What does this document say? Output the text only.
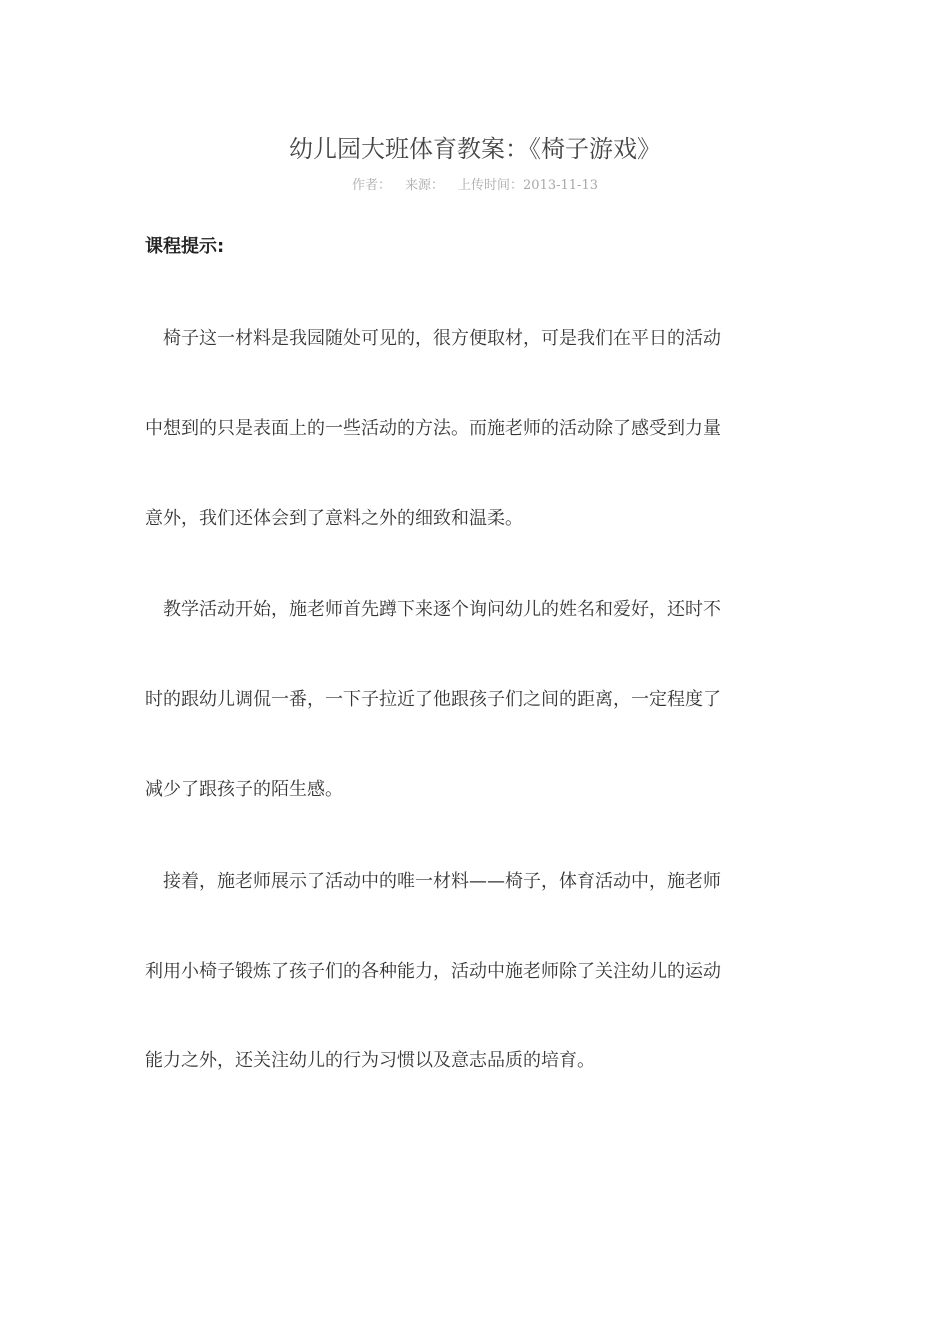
幼儿园大班体育教案：《椅子游戏》
作者： 来源： 上传时间：2013-11-13
课程提示:
　椅子这一材料是我园随处可见的，很方便取材，可是我们在平日的活动
中想到的只是表面上的一些活动的方法。而施老师的活动除了感受到力量
意外，我们还体会到了意料之外的细致和温柔。
　教学活动开始，施老师首先蹲下来逐个询问幼儿的姓名和爱好，还时不
时的跟幼儿调侃一番，一下子拉近了他跟孩子们之间的距离，一定程度了
减少了跟孩子的陌生感。
　接着，施老师展示了活动中的唯一材料——椅子，体育活动中，施老师
利用小椅子锻炼了孩子们的各种能力，活动中施老师除了关注幼儿的运动
能力之外，还关注幼儿的行为习惯以及意志品质的培育。
